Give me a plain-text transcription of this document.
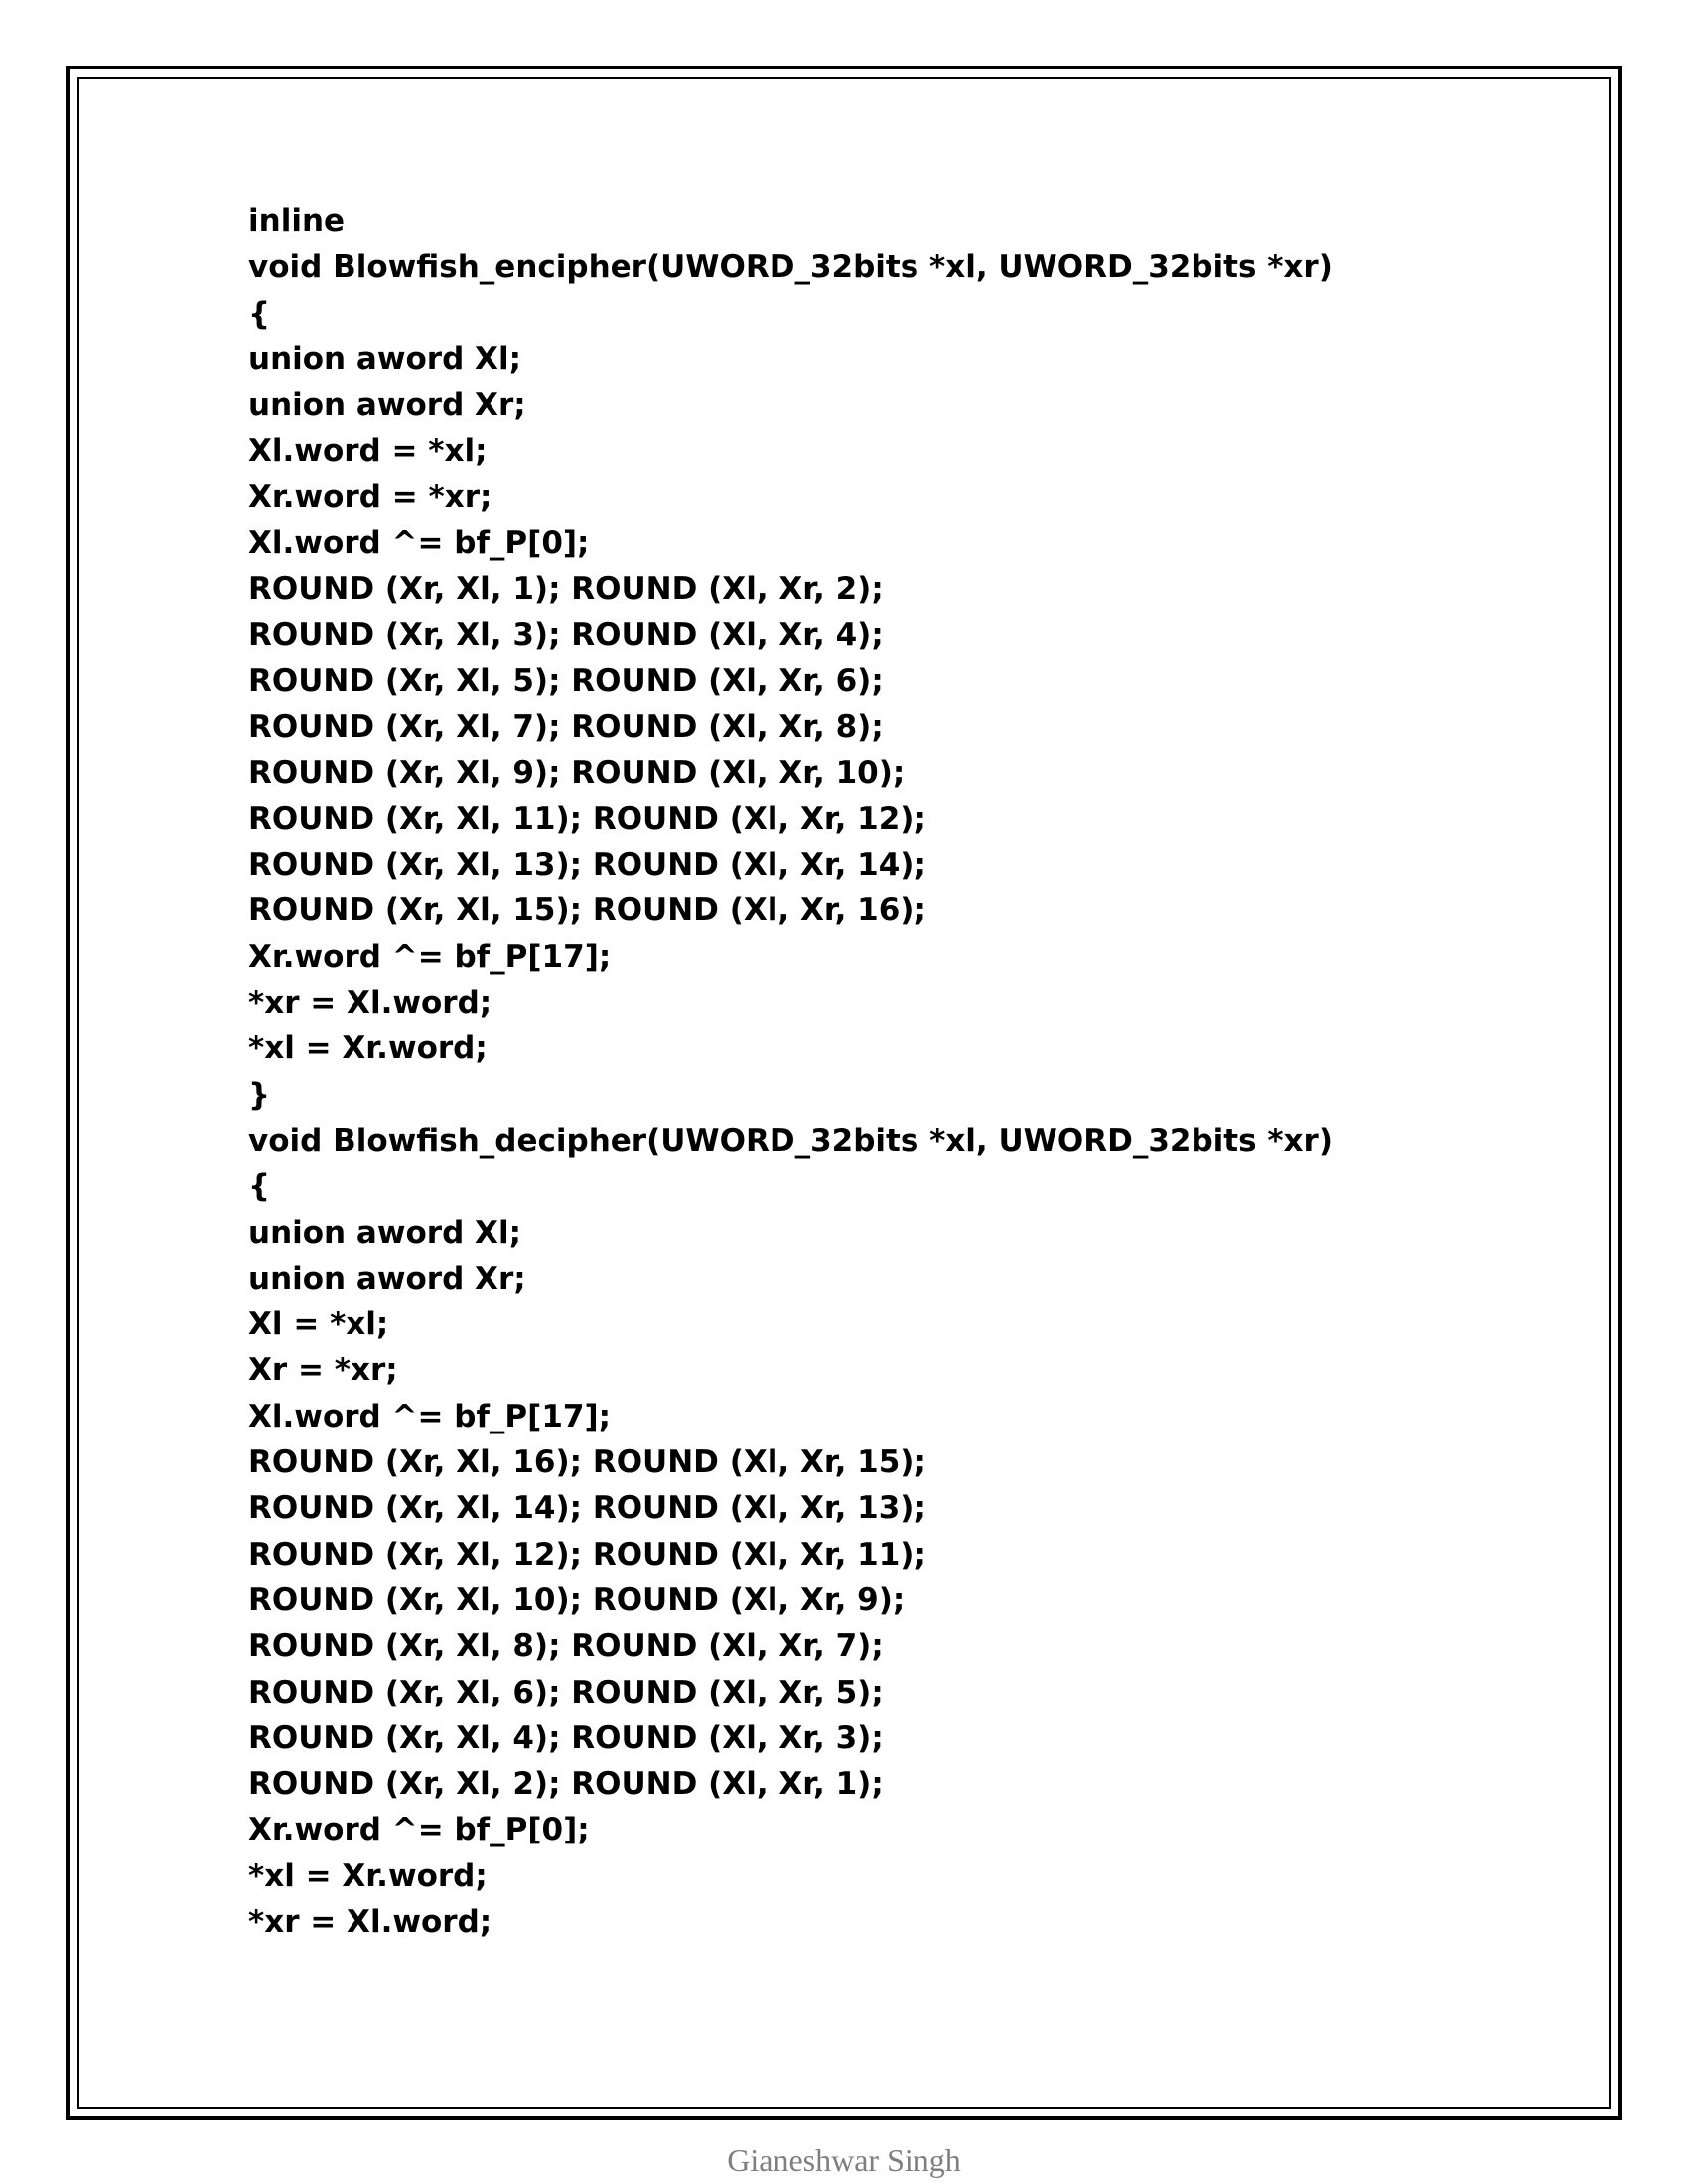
inline
void Blowfish_encipher(UWORD_32bits *xl, UWORD_32bits *xr)
{
union aword Xl;
union aword Xr;
Xl.word = *xl;
Xr.word = *xr;
Xl.word ^= bf_P[0];
ROUND (Xr, Xl, 1); ROUND (Xl, Xr, 2);
ROUND (Xr, Xl, 3); ROUND (Xl, Xr, 4);
ROUND (Xr, Xl, 5); ROUND (Xl, Xr, 6);
ROUND (Xr, Xl, 7); ROUND (Xl, Xr, 8);
ROUND (Xr, Xl, 9); ROUND (Xl, Xr, 10);
ROUND (Xr, Xl, 11); ROUND (Xl, Xr, 12);
ROUND (Xr, Xl, 13); ROUND (Xl, Xr, 14);
ROUND (Xr, Xl, 15); ROUND (Xl, Xr, 16);
Xr.word ^= bf_P[17];
*xr = Xl.word;
*xl = Xr.word;
}
void Blowfish_decipher(UWORD_32bits *xl, UWORD_32bits *xr)
{
union aword Xl;
union aword Xr;
Xl = *xl;
Xr = *xr;
Xl.word ^= bf_P[17];
ROUND (Xr, Xl, 16); ROUND (Xl, Xr, 15);
ROUND (Xr, Xl, 14); ROUND (Xl, Xr, 13);
ROUND (Xr, Xl, 12); ROUND (Xl, Xr, 11);
ROUND (Xr, Xl, 10); ROUND (Xl, Xr, 9);
ROUND (Xr, Xl, 8); ROUND (Xl, Xr, 7);
ROUND (Xr, Xl, 6); ROUND (Xl, Xr, 5);
ROUND (Xr, Xl, 4); ROUND (Xl, Xr, 3);
ROUND (Xr, Xl, 2); ROUND (Xl, Xr, 1);
Xr.word ^= bf_P[0];
*xl = Xr.word;
*xr = Xl.word;
Gianeshwar Singh
